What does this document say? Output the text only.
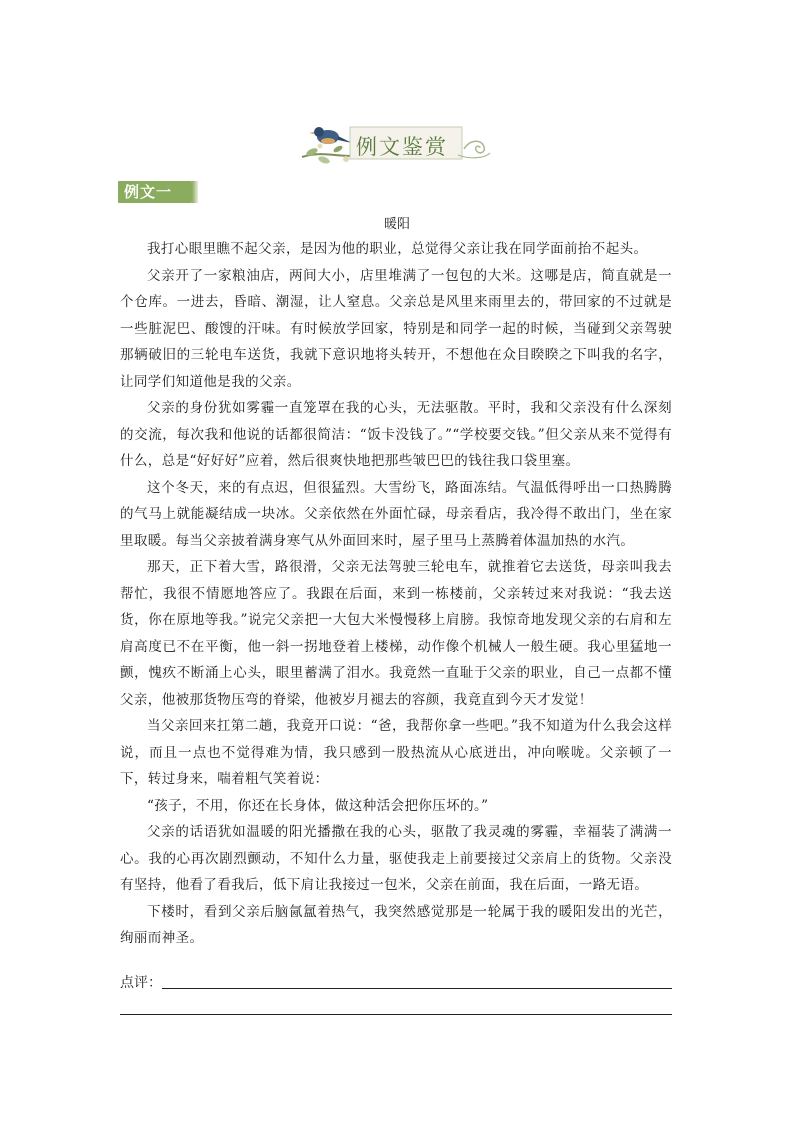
例文鉴赏
例文一
暖阳

我打心眼里瞧不起父亲，是因为他的职业，总觉得父亲让我在同学面前抬不起头。

父亲开了一家粮油店，两间大小，店里堆满了一包包的大米。这哪是店，简直就是一个仓库。一进去，昏暗、潮湿，让人窒息。父亲总是风里来雨里去的，带回家的不过就是一些脏泥巴、酸馊的汗味。有时候放学回家，特别是和同学一起的时候，当碰到父亲驾驶那辆破旧的三轮电车送货，我就下意识地将头转开，不想他在众目睽睽之下叫我的名字，让同学们知道他是我的父亲。

父亲的身份犹如雾霾一直笼罩在我的心头，无法驱散。平时，我和父亲没有什么深刻的交流，每次我和他说的话都很简洁：“饭卡没钱了。”“学校要交钱。”但父亲从来不觉得有什么，总是“好好好”应着，然后很爽快地把那些皱巴巴的钱往我口袋里塞。

这个冬天，来的有点迟，但很猛烈。大雪纷飞，路面冻结。气温低得呼出一口热腾腾的气马上就能凝结成一块冰。父亲依然在外面忙碌，母亲看店，我冷得不敢出门，坐在家里取暖。每当父亲披着满身寒气从外面回来时，屋子里马上蒸腾着体温加热的水汽。

那天，正下着大雪，路很滑，父亲无法驾驶三轮电车，就推着它去送货，母亲叫我去帮忙，我很不情愿地答应了。我跟在后面，来到一栋楼前，父亲转过来对我说：“我去送货，你在原地等我。”说完父亲把一大包大米慢慢移上肩膀。我惊奇地发现父亲的右肩和左肩高度已不在平衡，他一斜一拐地登着上楼梯，动作像个机械人一般生硬。我心里猛地一颤，愧疚不断涌上心头，眼里蓄满了泪水。我竟然一直耻于父亲的职业，自己一点都不懂父亲，他被那货物压弯的脊梁，他被岁月褪去的容颜，我竟直到今天才发觉！

当父亲回来扛第二趟，我竟开口说：“爸，我帮你拿一些吧。”我不知道为什么我会这样说，而且一点也不觉得难为情，我只感到一股热流从心底迸出，冲向喉咙。父亲顿了一下，转过身来，喘着粗气笑着说：

“孩子，不用，你还在长身体，做这种活会把你压坏的。”

父亲的话语犹如温暖的阳光播撒在我的心头，驱散了我灵魂的雾霾，幸福装了满满一心。我的心再次剧烈颤动，不知什么力量，驱使我走上前要接过父亲肩上的货物。父亲没有坚持，他看了看我后，低下肩让我接过一包米，父亲在前面，我在后面，一路无语。

下楼时，看到父亲后脑氤氲着热气，我突然感觉那是一轮属于我的暖阳发出的光芒，绚丽而神圣。

点评：
